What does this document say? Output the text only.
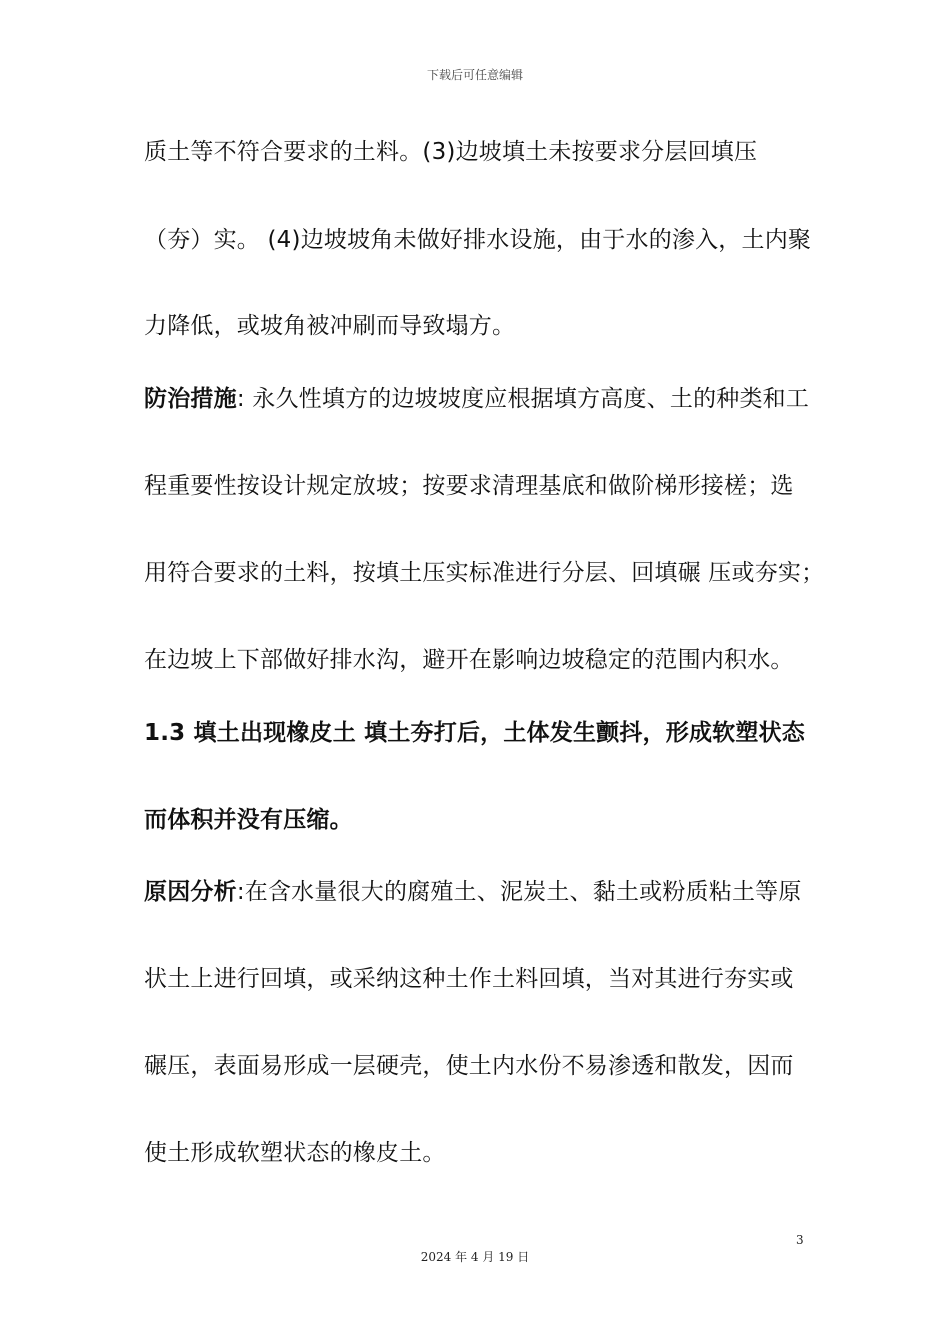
下载后可任意编辑
质土等不符合要求的土料。(3)边坡填土未按要求分层回填压
（夯）实。 (4)边坡坡角未做好排水设施，由于水的渗入，土内聚
力降低，或坡角被冲刷而导致塌方。
防治措施: 永久性填方的边坡坡度应根据填方高度、土的种类和工
程重要性按设计规定放坡；按要求清理基底和做阶梯形接槎；选
用符合要求的土料，按填土压实标准进行分层、回填碾 压或夯实；
在边坡上下部做好排水沟，避开在影响边坡稳定的范围内积水。
1.3 填土出现橡皮土 填土夯打后，土体发生颤抖，形成软塑状态
而体积并没有压缩。
原因分析:在含水量很大的腐殖土、泥炭土、黏土或粉质粘土等原
状土上进行回填，或采纳这种土作土料回填，当对其进行夯实或
碾压，表面易形成一层硬壳，使土内水份不易渗透和散发，因而
使土形成软塑状态的橡皮土。
3
2024 年 4 月 19 日
